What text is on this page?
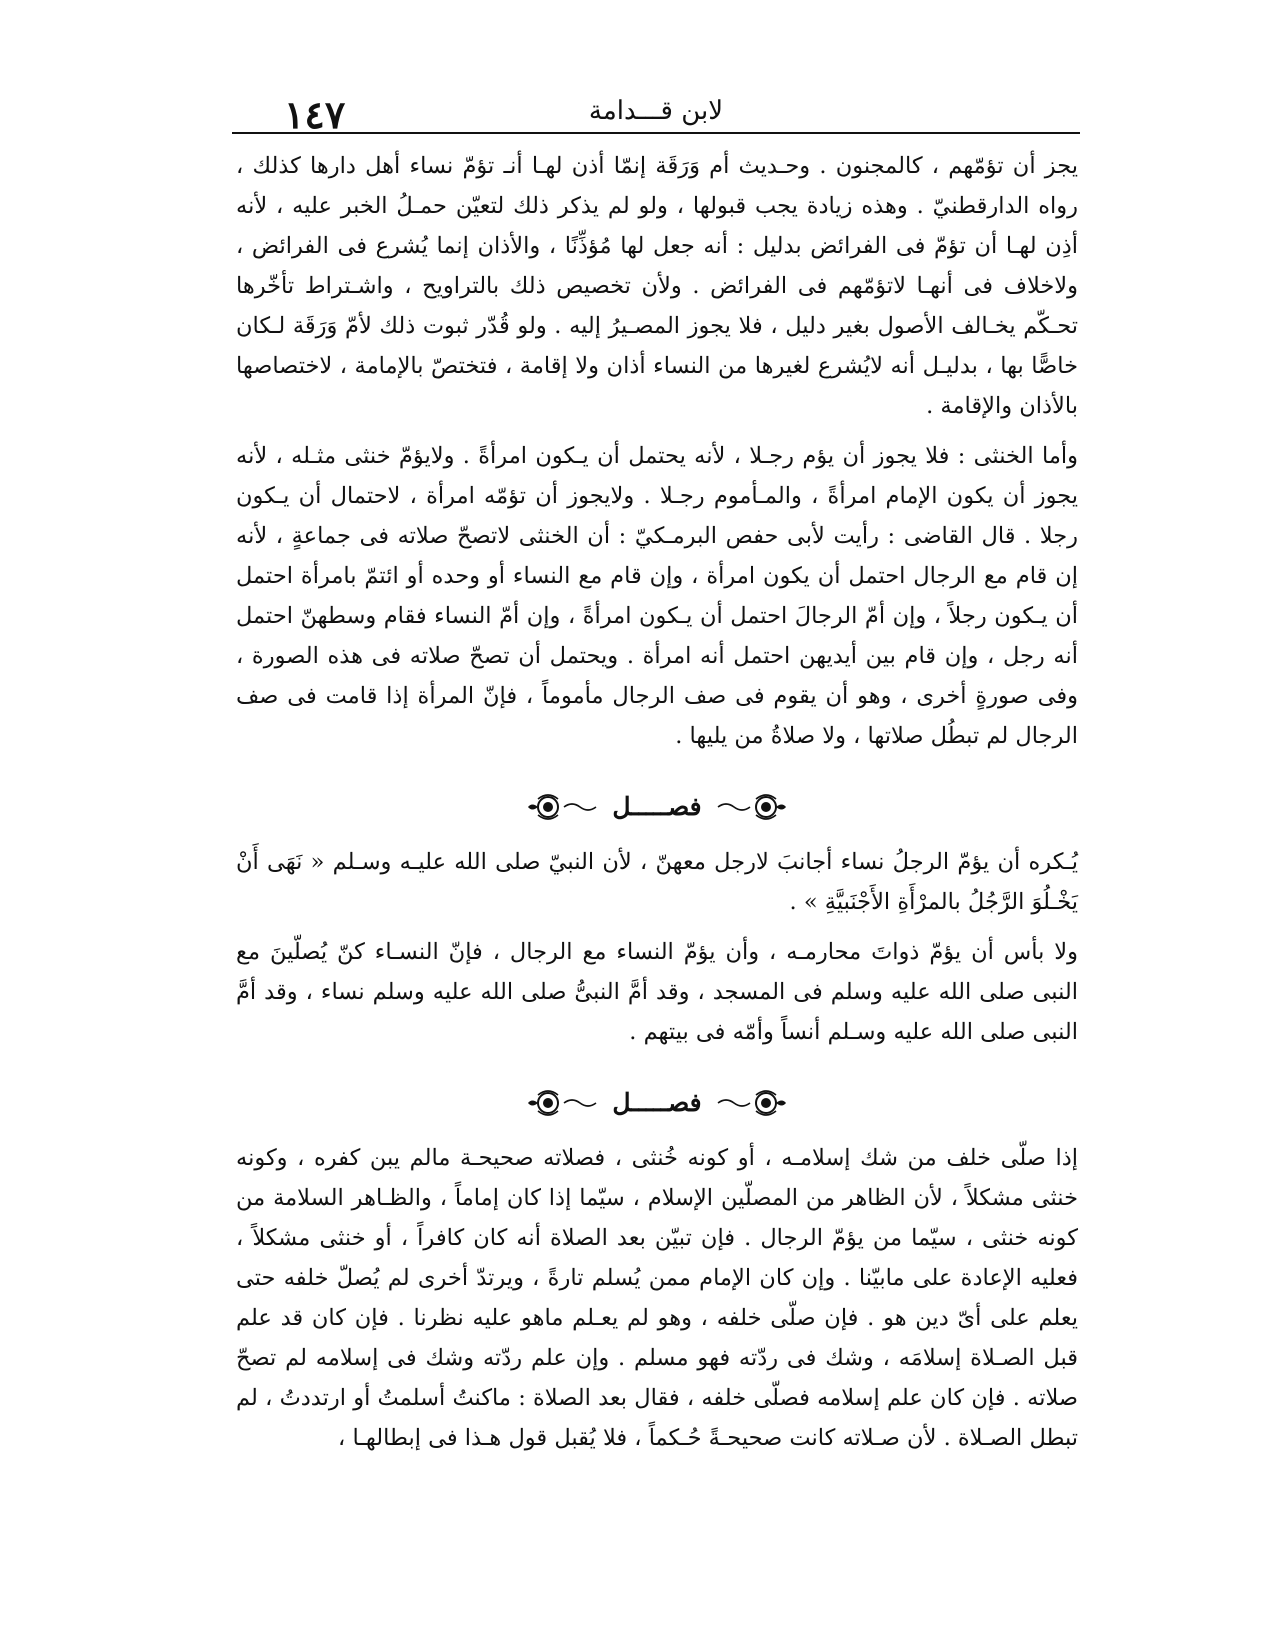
١٤٧	لابن قـــدامة

يجز أن تؤمّهم ، كالمجنون . وحـديث أم وَرَقَة إنمّا أذن لهـا أنـ تؤمّ نساء أهل دارها كذلك ، رواه الدارقطنيّ . وهذه زيادة يجب قبولها ، ولو لم يذكر ذلك لتعيّن حمـلُ الخبر عليه ، لأنه أذِن لهـا أن تؤمّ فى الفرائض بدليل : أنه جعل لها مُؤذِّنًا ، والأذان إنما يُشرع فى الفرائض ، ولاخلاف فى أنهـا لاتؤمّهم فى الفرائض . ولأن تخصيص ذلك بالتراويح ، واشـتراط تأخّرها تحـكّم يخـالف الأصول بغير دليل ، فلا يجوز المصـيرُ إليه . ولو قُدّر ثبوت ذلك لأمّ وَرَقَة لـكان خاصًّا بها ، بدليـل أنه لايُشرع لغيرها من النساء أذان ولا إقامة ، فتختصّ بالإمامة ، لاختصاصها بالأذان والإقامة .

وأما الخنثى : فلا يجوز أن يؤم رجـلا ، لأنه يحتمل أن يـكون امرأةً . ولايؤمّ خنثى مثـله ، لأنه يجوز أن يكون الإمام امرأةً ، والمـأموم رجـلا . ولايجوز أن تؤمّه امرأة ، لاحتمال أن يـكون رجلا . قال القاضى : رأيت لأبى حفص البرمـكيّ : أن الخنثى لاتصحّ صلاته فى جماعةٍ ، لأنه إن قام مع الرجال احتمل أن يكون امرأة ، وإن قام مع النساء أو وحده أو ائتمّ بامرأة احتمل أن يـكون رجلاً ، وإن أمّ الرجالَ احتمل أن يـكون امرأةً ، وإن أمّ النساء فقام وسطهنّ احتمل أنه رجل ، وإن قام بين أيديهن احتمل أنه امرأة . ويحتمل أن تصحّ صلاته فى هذه الصورة ، وفى صورةٍ أخرى ، وهو أن يقوم فى صف الرجال مأموماً ، فإنّ المرأة إذا قامت فى صف الرجال لم تبطُل صلاتها ، ولا صلاةُ من يليها .

فصـــــل

يُـكره أن يؤمّ الرجلُ نساء أجانبَ لارجل معهنّ ، لأن النبيّ صلى الله عليـه وسـلم « نَهَى أَنْ يَخْـلُوَ الرَّجُلُ بالمرْأَةِ الأَجْنَبيَّةِ » .

ولا بأس أن يؤمّ ذواتَ محارمـه ، وأن يؤمّ النساء مع الرجال ، فإنّ النسـاء كنّ يُصلّينَ مع النبى صلى الله عليه وسلم فى المسجد ، وقد أمَّ النبىُّ صلى الله عليه وسلم نساء ، وقد أمَّ النبى صلى الله عليه وسـلم أنساً وأمّه فى بيتهم .

فصـــــل

إذا صلّى خلف من شك إسلامـه ، أو كونه خُنثى ، فصلاته صحيحـة مالم يبن كفره ، وكونه خنثى مشكلاً ، لأن الظاهر من المصلّين الإسلام ، سيّما إذا كان إماماً ، والظـاهر السلامة من كونه خنثى ، سيّما من يؤمّ الرجال . فإن تبيّن بعد الصلاة أنه كان كافراً ، أو خنثى مشكلاً ، فعليه الإعادة على مابيّنا . وإن كان الإمام ممن يُسلم تارةً ، ويرتدّ أخرى لم يُصلّ خلفه حتى يعلم على أىّ دين هو . فإن صلّى خلفه ، وهو لم يعـلم ماهو عليه نظرنا . فإن كان قد علم قبل الصـلاة إسلامَه ، وشك فى ردّته فهو مسلم . وإن علم ردّته وشك فى إسلامه لم تصحّ صلاته . فإن كان علم إسلامه فصلّى خلفه ، فقال بعد الصلاة : ماكنتُ أسلمتُ أو ارتددتُ ، لم تبطل الصـلاة . لأن صـلاته كانت صحيحـةً حُـكماً ، فلا يُقبل قول هـذا فى إبطالهـا ،
